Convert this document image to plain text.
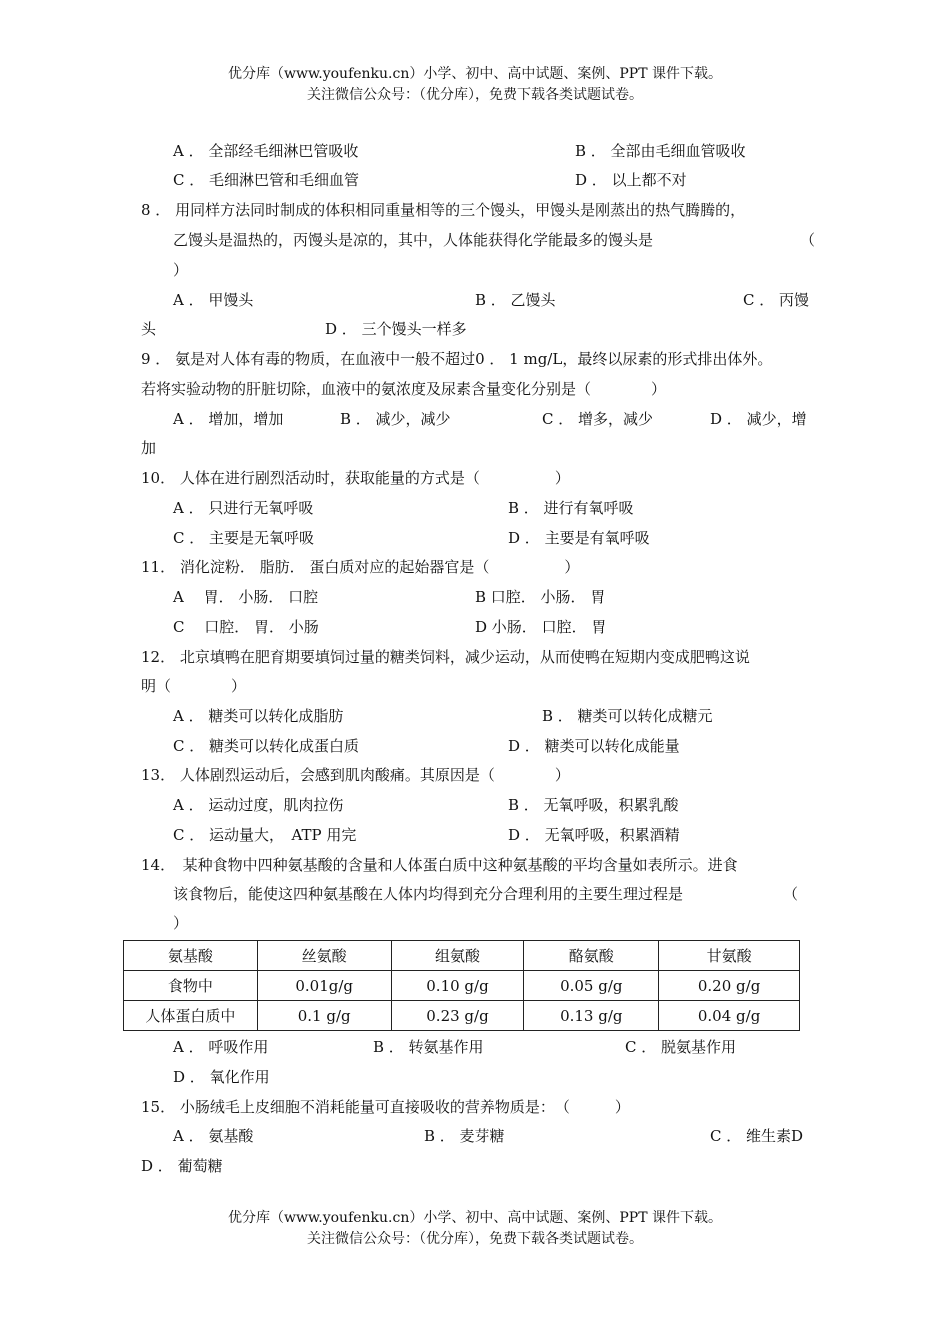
优分库（www.youfenku.cn）小学、初中、高中试题、案例、PPT 课件下载。
关注微信公众号：（优分库），免费下载各类试题试卷。
A ． 全部经毛细淋巴管吸收	B ． 全部由毛细血管吸收
C ． 毛细淋巴管和毛细血管	D ． 以上都不对
8 ． 用同样方法同时制成的体积相同重量相等的三个馒头，甲馒头是刚蒸出的热气腾腾的，
乙馒头是温热的，丙馒头是凉的，其中，人体能获得化学能最多的馒头是	（
）
A ． 甲馒头	B ． 乙馒头	C ． 丙馒
头	D ． 三个馒头一样多
9 ． 氨是对人体有毒的物质，在血液中一般不超过0 ． 1 mg/L，最终以尿素的形式排出体外。
若将实验动物的肝脏切除，血液中的氨浓度及尿素含量变化分别是（　　　　）
A ． 增加，增加	B ． 减少，减少	C ． 增多，减少	D ． 减少，增
加
10． 人体在进行剧烈活动时，获取能量的方式是（　　　　　）
A ． 只进行无氧呼吸	B ． 进行有氧呼吸
C ． 主要是无氧呼吸	D ． 主要是有氧呼吸
11． 消化淀粉． 脂肪． 蛋白质对应的起始器官是（　　　　　）
A　 胃． 小肠． 口腔	B 口腔． 小肠． 胃
C　 口腔． 胃． 小肠	D 小肠． 口腔． 胃
12． 北京填鸭在肥育期要填饲过量的糖类饲料，减少运动，从而使鸭在短期内变成肥鸭这说
明（　　　　）
A ． 糖类可以转化成脂肪	B ． 糖类可以转化成糖元
C ． 糖类可以转化成蛋白质	D ． 糖类可以转化成能量
13． 人体剧烈运动后，会感到肌肉酸痛。其原因是（　　　　）
A ． 运动过度，肌肉拉伤	B ． 无氧呼吸，积累乳酸
C ． 运动量大，　ATP 用完	D ． 无氧呼吸，积累酒精
14．　某种食物中四种氨基酸的含量和人体蛋白质中这种氨基酸的平均含量如表所示。进食
该食物后，能使这四种氨基酸在人体内均得到充分合理利用的主要生理过程是	（
）
氨基酸	丝氨酸	组氨酸	酪氨酸	甘氨酸
食物中	0.01g/g	0.10 g/g	0.05 g/g	0.20 g/g
人体蛋白质中	0.1 g/g	0.23 g/g	0.13 g/g	0.04 g/g
A ． 呼吸作用	B ． 转氨基作用	C ． 脱氨基作用
D ． 氧化作用
15． 小肠绒毛上皮细胞不消耗能量可直接吸收的营养物质是：　（　　　）
A ． 氨基酸	B ． 麦芽糖	C ． 维生素D
D ． 葡萄糖
优分库（www.youfenku.cn）小学、初中、高中试题、案例、PPT 课件下载。
关注微信公众号：（优分库），免费下载各类试题试卷。
